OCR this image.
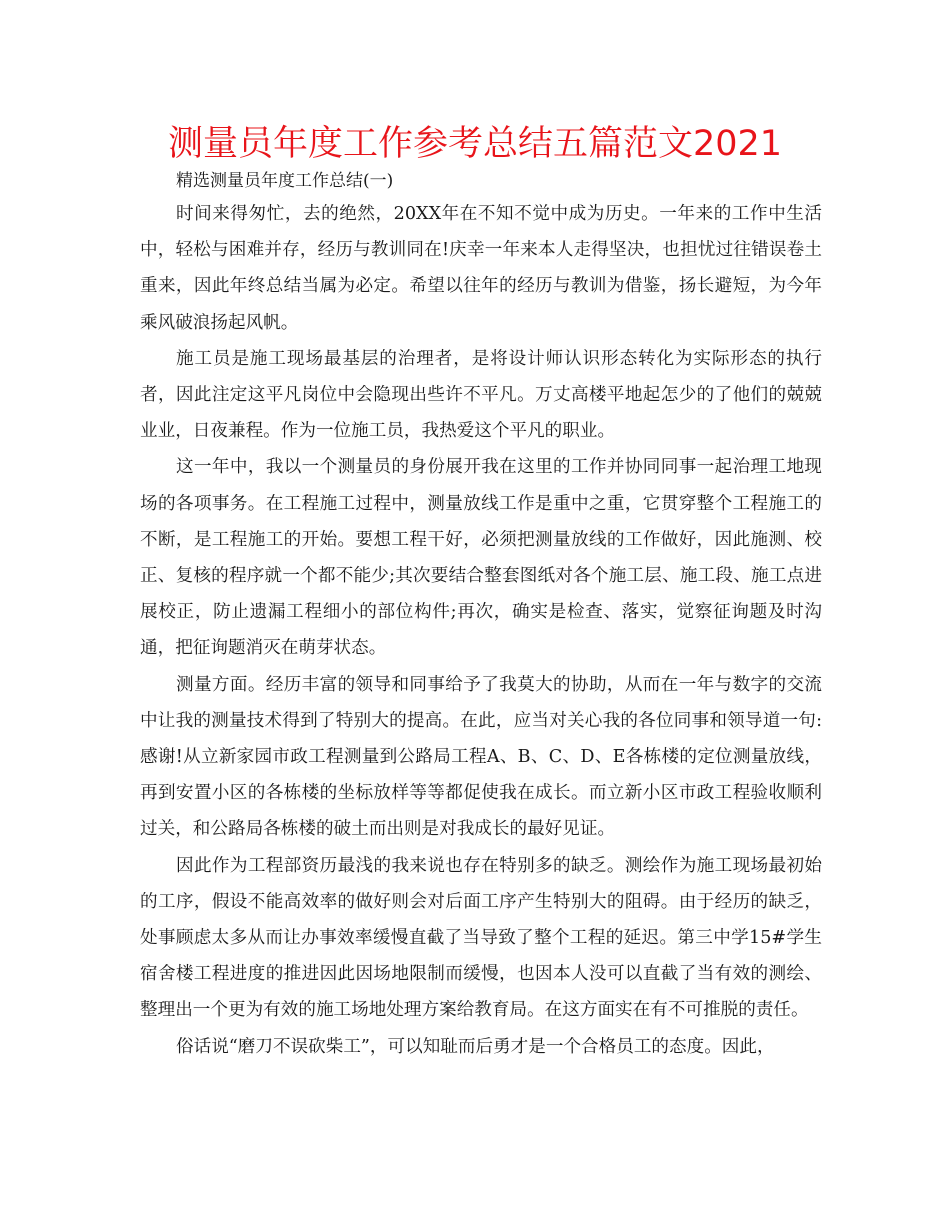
测量员年度工作参考总结五篇范文2021

精选测量员年度工作总结(一)

时间来得匆忙，去的绝然，20XX年在不知不觉中成为历史。一年来的工作中生活中，轻松与困难并存，经历与教训同在!庆幸一年来本人走得坚决，也担忧过往错误卷土重来，因此年终总结当属为必定。希望以往年的经历与教训为借鉴，扬长避短，为今年乘风破浪扬起风帆。

施工员是施工现场最基层的治理者，是将设计师认识形态转化为实际形态的执行者，因此注定这平凡岗位中会隐现出些许不平凡。万丈高楼平地起怎少的了他们的兢兢业业，日夜兼程。作为一位施工员，我热爱这个平凡的职业。

这一年中，我以一个测量员的身份展开我在这里的工作并协同同事一起治理工地现场的各项事务。在工程施工过程中，测量放线工作是重中之重，它贯穿整个工程施工的不断，是工程施工的开始。要想工程干好，必须把测量放线的工作做好，因此施测、校正、复核的程序就一个都不能少;其次要结合整套图纸对各个施工层、施工段、施工点进展校正，防止遗漏工程细小的部位构件;再次，确实是检查、落实，觉察征询题及时沟通，把征询题消灭在萌芽状态。

测量方面。经历丰富的领导和同事给予了我莫大的协助，从而在一年与数字的交流中让我的测量技术得到了特别大的提高。在此，应当对关心我的各位同事和领导道一句:感谢!从立新家园市政工程测量到公路局工程A、B、C、D、E各栋楼的定位测量放线，再到安置小区的各栋楼的坐标放样等等都促使我在成长。而立新小区市政工程验收顺利过关，和公路局各栋楼的破土而出则是对我成长的最好见证。

因此作为工程部资历最浅的我来说也存在特别多的缺乏。测绘作为施工现场最初始的工序，假设不能高效率的做好则会对后面工序产生特别大的阻碍。由于经历的缺乏，处事顾虑太多从而让办事效率缓慢直截了当导致了整个工程的延迟。第三中学15#学生宿舍楼工程进度的推进因此因场地限制而缓慢，也因本人没可以直截了当有效的测绘、整理出一个更为有效的施工场地处理方案给教育局。在这方面实在有不可推脱的责任。

俗话说“磨刀不误砍柴工”，可以知耻而后勇才是一个合格员工的态度。因此，
